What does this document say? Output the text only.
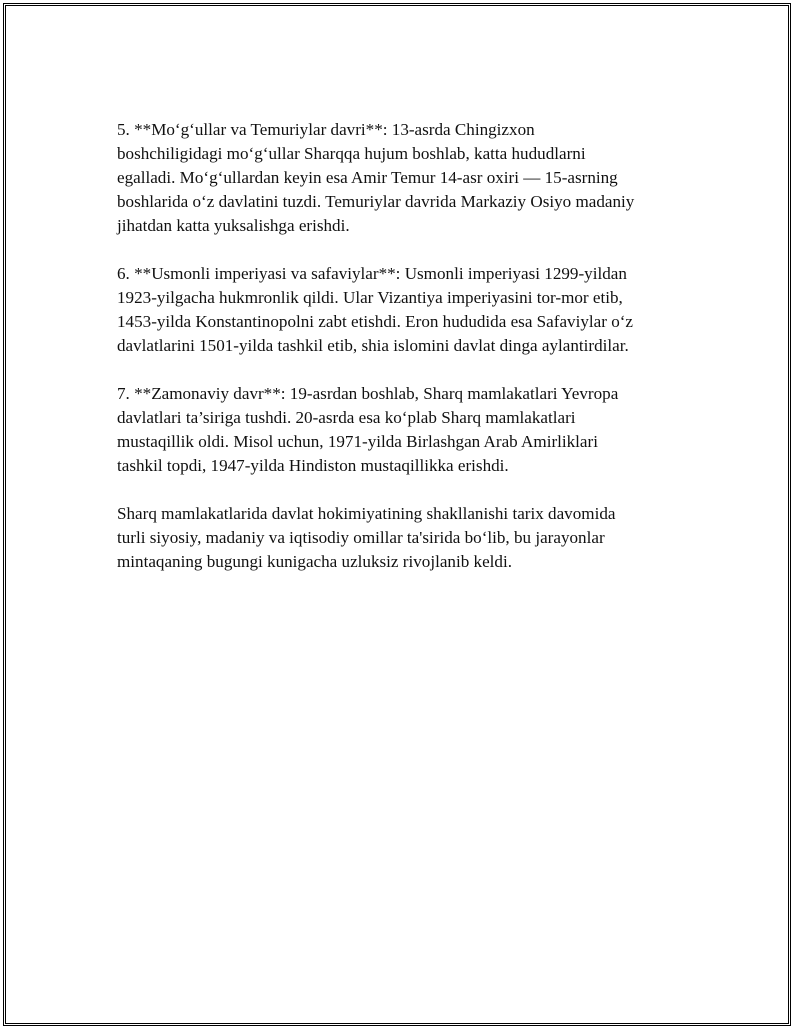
5. **Mo‘g‘ullar va Temuriylar davri**: 13-asrda Chingizxon
boshchiligidagi mo‘g‘ullar Sharqqa hujum boshlab, katta hududlarni
egalladi. Mo‘g‘ullardan keyin esa Amir Temur 14-asr oxiri — 15-asrning
boshlarida o‘z davlatini tuzdi. Temuriylar davrida Markaziy Osiyo madaniy
jihatdan katta yuksalishga erishdi.

6. **Usmonli imperiyasi va safaviylar**: Usmonli imperiyasi 1299-yildan
1923-yilgacha hukmronlik qildi. Ular Vizantiya imperiyasini tor-mor etib,
1453-yilda Konstantinopolni zabt etishdi. Eron hududida esa Safaviylar o‘z
davlatlarini 1501-yilda tashkil etib, shia islomini davlat dinga aylantirdilar.

7. **Zamonaviy davr**: 19-asrdan boshlab, Sharq mamlakatlari Yevropa
davlatlari ta’siriga tushdi. 20-asrda esa ko‘plab Sharq mamlakatlari
mustaqillik oldi. Misol uchun, 1971-yilda Birlashgan Arab Amirliklari
tashkil topdi, 1947-yilda Hindiston mustaqillikka erishdi.

Sharq mamlakatlarida davlat hokimiyatining shakllanishi tarix davomida
turli siyosiy, madaniy va iqtisodiy omillar ta'sirida bo‘lib, bu jarayonlar
mintaqaning bugungi kunigacha uzluksiz rivojlanib keldi.
